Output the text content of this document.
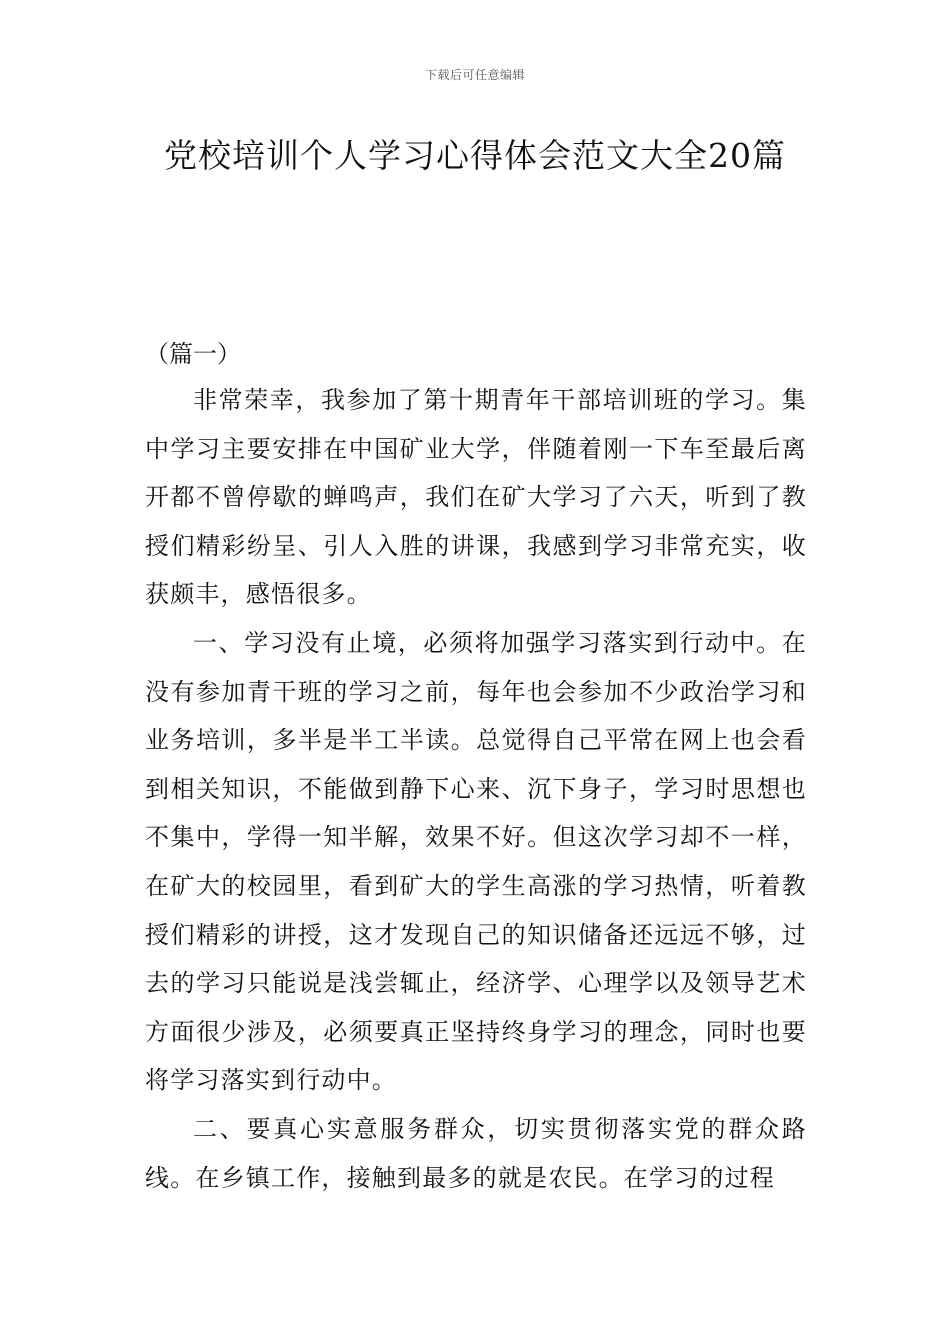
下载后可任意编辑
党校培训个人学习心得体会范文大全20篇
（篇一）

非常荣幸，我参加了第十期青年干部培训班的学习。集中学习主要安排在中国矿业大学，伴随着刚一下车至最后离开都不曾停歇的蝉鸣声，我们在矿大学习了六天，听到了教授们精彩纷呈、引人入胜的讲课，我感到学习非常充实，收获颇丰，感悟很多。

一、学习没有止境，必须将加强学习落实到行动中。在没有参加青干班的学习之前，每年也会参加不少政治学习和业务培训，多半是半工半读。总觉得自己平常在网上也会看到相关知识，不能做到静下心来、沉下身子，学习时思想也不集中，学得一知半解，效果不好。但这次学习却不一样，在矿大的校园里，看到矿大的学生高涨的学习热情，听着教授们精彩的讲授，这才发现自己的知识储备还远远不够，过去的学习只能说是浅尝辄止，经济学、心理学以及领导艺术方面很少涉及，必须要真正坚持终身学习的理念，同时也要将学习落实到行动中。

二、要真心实意服务群众，切实贯彻落实党的群众路线。在乡镇工作，接触到最多的就是农民。在学习的过程
